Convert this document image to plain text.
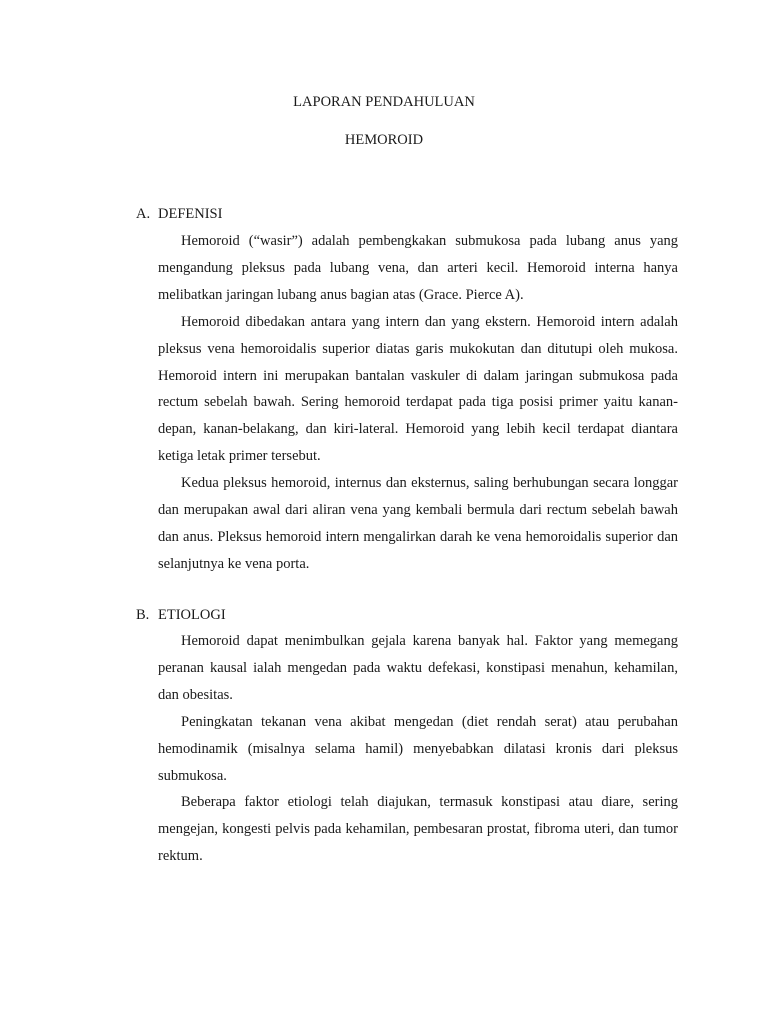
LAPORAN PENDAHULUAN
HEMOROID
A. DEFENISI

Hemoroid (“wasir”) adalah pembengkakan submukosa pada lubang anus yang mengandung pleksus pada lubang vena, dan arteri kecil. Hemoroid interna hanya melibatkan jaringan lubang anus bagian atas (Grace. Pierce A).

Hemoroid dibedakan antara yang intern dan yang ekstern. Hemoroid intern adalah pleksus vena hemoroidalis superior diatas garis mukokutan dan ditutupi oleh mukosa. Hemoroid intern ini merupakan bantalan vaskuler di dalam jaringan submukosa pada rectum sebelah bawah. Sering hemoroid terdapat pada tiga posisi primer yaitu kanan-depan, kanan-belakang, dan kiri-lateral. Hemoroid yang lebih kecil terdapat diantara ketiga letak primer tersebut.

Kedua pleksus hemoroid, internus dan eksternus, saling berhubungan secara longgar dan merupakan awal dari aliran vena yang kembali bermula dari rectum sebelah bawah dan anus. Pleksus hemoroid intern mengalirkan darah ke vena hemoroidalis superior dan selanjutnya ke vena porta.

B. ETIOLOGI

Hemoroid dapat menimbulkan gejala karena banyak hal. Faktor yang memegang peranan kausal ialah mengedan pada waktu defekasi, konstipasi menahun, kehamilan, dan obesitas.

Peningkatan tekanan vena akibat mengedan (diet rendah serat) atau perubahan hemodinamik (misalnya selama hamil) menyebabkan dilatasi kronis dari pleksus submukosa.

Beberapa faktor etiologi telah diajukan, termasuk konstipasi atau diare, sering mengejan, kongesti pelvis pada kehamilan, pembesaran prostat, fibroma uteri, dan tumor rektum.
